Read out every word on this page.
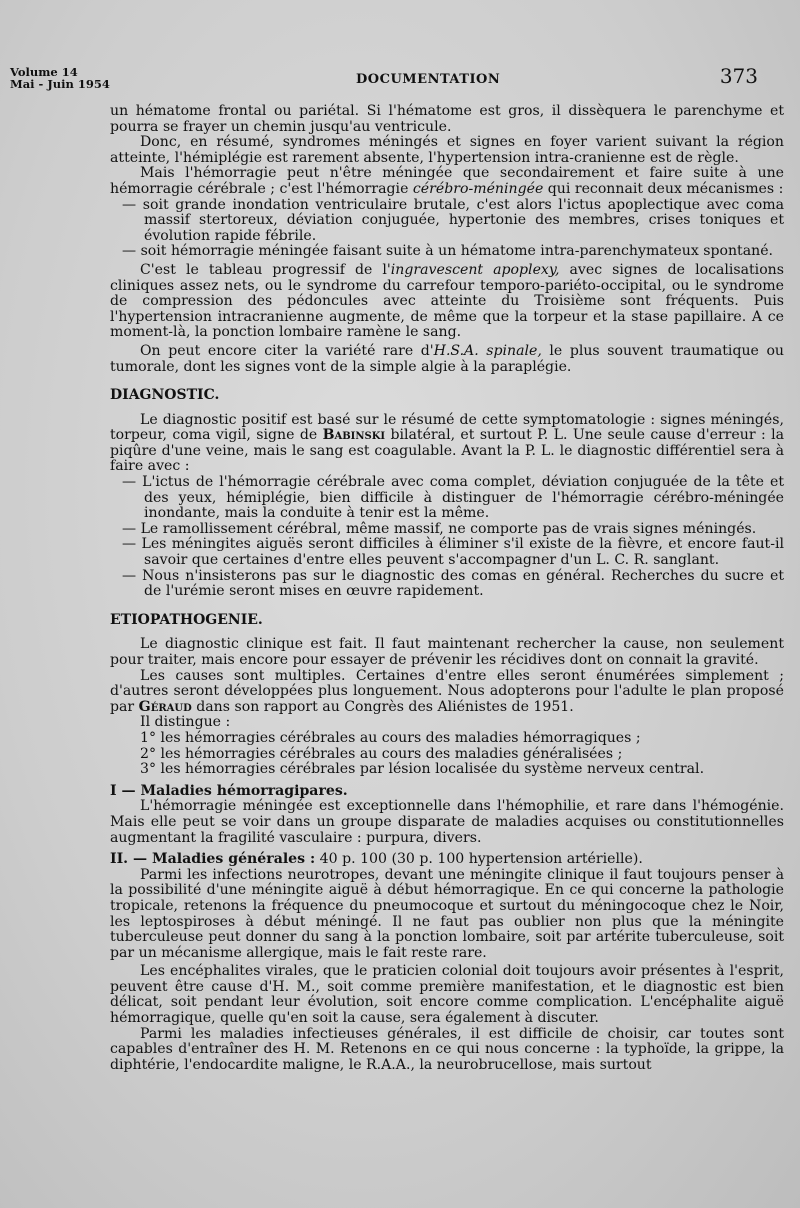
Volume 14
Mai - Juin 1954	DOCUMENTATION	373

un hématome frontal ou pariétal. Si l'hématome est gros, il dissèquera le parenchyme et pourra se frayer un chemin jusqu'au ventricule.

Donc, en résumé, syndromes méningés et signes en foyer varient suivant la région atteinte, l'hémiplégie est rarement absente, l'hypertension intra-cranienne est de règle.

Mais l'hémorragie peut n'être méningée que secondairement et faire suite à une hémorragie cérébrale ; c'est l'hémorragie cérébro-méningée qui reconnait deux mécanismes :

— soit grande inondation ventriculaire brutale, c'est alors l'ictus apoplectique avec coma massif stertoreux, déviation conjuguée, hypertonie des membres, crises toniques et évolution rapide fébrile.

— soit hémorragie méningée faisant suite à un hématome intra-parenchymateux spontané.

C'est le tableau progressif de l'ingravescent apoplexy, avec signes de localisations cliniques assez nets, ou le syndrome du carrefour temporo-pariéto-occipital, ou le syndrome de compression des pédoncules avec atteinte du Troisième sont fréquents. Puis l'hypertension intracranienne augmente, de même que la torpeur et la stase papillaire. A ce moment-là, la ponction lombaire ramène le sang.

On peut encore citer la variété rare d'H.S.A. spinale, le plus souvent traumatique ou tumorale, dont les signes vont de la simple algie à la paraplégie.

DIAGNOSTIC.

Le diagnostic positif est basé sur le résumé de cette symptomatologie : signes méningés, torpeur, coma vigil, signe de Babinski bilatéral, et surtout P. L. Une seule cause d'erreur : la piqûre d'une veine, mais le sang est coagulable. Avant la P. L. le diagnostic différentiel sera à faire avec :

— L'ictus de l'hémorragie cérébrale avec coma complet, déviation conjuguée de la tête et des yeux, hémiplégie, bien difficile à distinguer de l'hémorragie cérébro-méningée inondante, mais la conduite à tenir est la même.

— Le ramollissement cérébral, même massif, ne comporte pas de vrais signes méningés.

— Les méningites aiguës seront difficiles à éliminer s'il existe de la fièvre, et encore faut-il savoir que certaines d'entre elles peuvent s'accompagner d'un L. C. R. sanglant.

— Nous n'insisterons pas sur le diagnostic des comas en général. Recherches du sucre et de l'urémie seront mises en œuvre rapidement.

ETIOPATHOGENIE.

Le diagnostic clinique est fait. Il faut maintenant rechercher la cause, non seulement pour traiter, mais encore pour essayer de prévenir les récidives dont on connait la gravité.

Les causes sont multiples. Certaines d'entre elles seront énumérées simplement ; d'autres seront développées plus longuement. Nous adopterons pour l'adulte le plan proposé par Géraud dans son rapport au Congrès des Aliénistes de 1951.

Il distingue :

1° les hémorragies cérébrales au cours des maladies hémorragiques ;

2° les hémorragies cérébrales au cours des maladies généralisées ;

3° les hémorragies cérébrales par lésion localisée du système nerveux central.

I — Maladies hémorragipares.

L'hémorragie méningée est exceptionnelle dans l'hémophilie, et rare dans l'hémogénie. Mais elle peut se voir dans un groupe disparate de maladies acquises ou constitutionnelles augmentant la fragilité vasculaire : purpura, divers.

II. — Maladies générales : 40 p. 100 (30 p. 100 hypertension artérielle).

Parmi les infections neurotropes, devant une méningite clinique il faut toujours penser à la possibilité d'une méningite aiguë à début hémorragique. En ce qui concerne la pathologie tropicale, retenons la fréquence du pneumocoque et surtout du méningocoque chez le Noir, les leptospiroses à début méningé. Il ne faut pas oublier non plus que la méningite tuberculeuse peut donner du sang à la ponction lombaire, soit par artérite tuberculeuse, soit par un mécanisme allergique, mais le fait reste rare.

Les encéphalites virales, que le praticien colonial doit toujours avoir présentes à l'esprit, peuvent être cause d'H. M., soit comme première manifestation, et le diagnostic est bien délicat, soit pendant leur évolution, soit encore comme complication. L'encéphalite aiguë hémorragique, quelle qu'en soit la cause, sera également à discuter.

Parmi les maladies infectieuses générales, il est difficile de choisir, car toutes sont capables d'entraîner des H. M. Retenons en ce qui nous concerne : la typhoïde, la grippe, la diphtérie, l'endocardite maligne, le R.A.A., la neurobrucellose, mais surtout
